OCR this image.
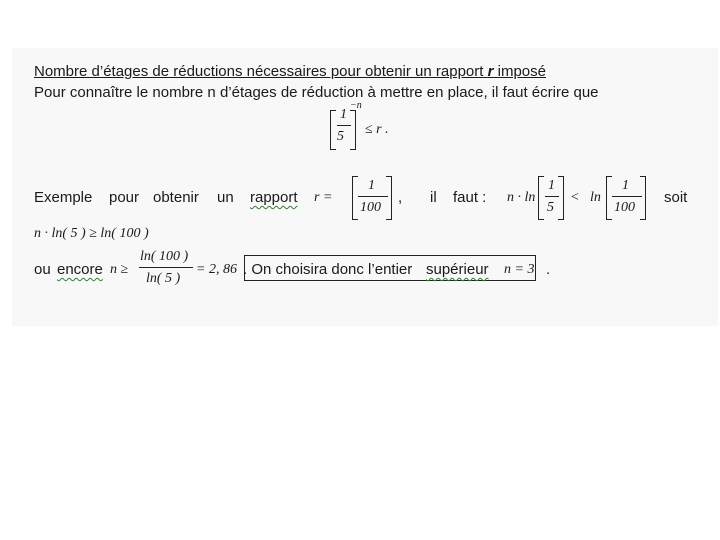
Nombre d’étages de réductions nécessaires pour obtenir un rapport r imposé
Pour connaître le nombre n d’étages de réduction à mettre en place, il faut écrire que
1
5
−n
≤ r .
Exemple pour obtenir un rapport r =
1
100
, il faut : n · ln
1
5
< ln
1
100
soit
n · ln( 5 ) ≥ ln( 100 )
ou encore n ≥
ln( 100 )
ln( 5 )
= 2, 86 . On choisira donc l’entier supérieur n = 3 .
